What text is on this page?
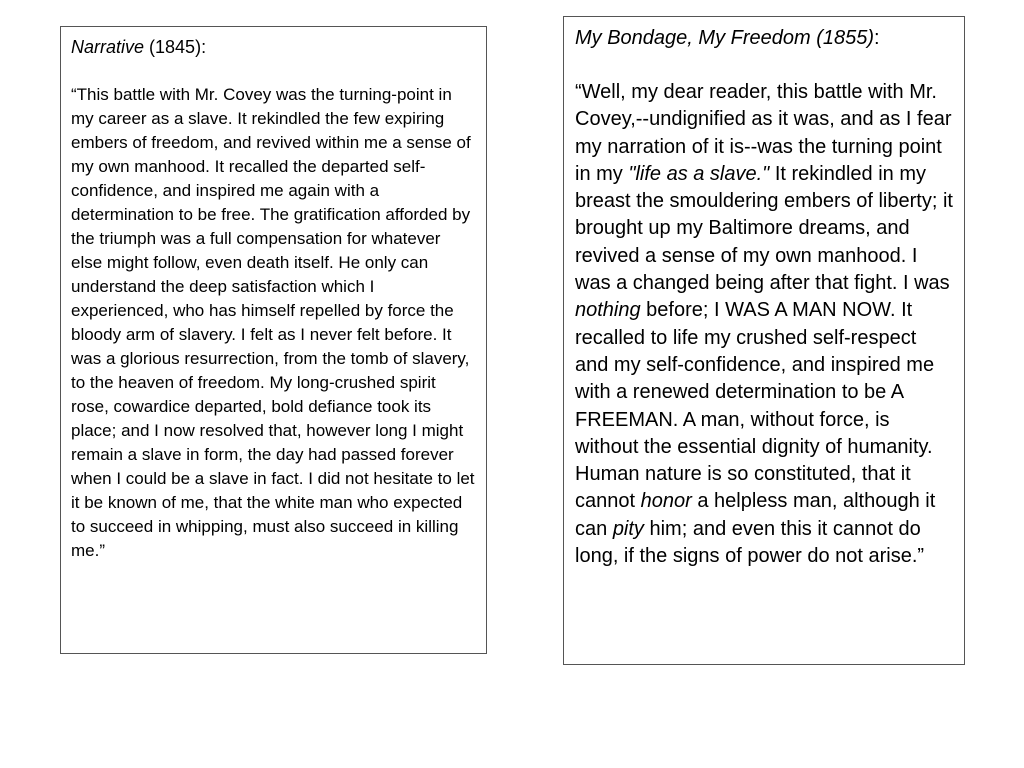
Narrative (1845):

“This battle with Mr. Covey was the turning-point in my career as a slave. It rekindled the few expiring embers of freedom, and revived within me a sense of my own manhood. It recalled the departed self-confidence, and inspired me again with a determination to be free. The gratification afforded by the triumph was a full compensation for whatever else might follow, even death itself. He only can understand the deep satisfaction which I experienced, who has himself repelled by force the bloody arm of slavery. I felt as I never felt before. It was a glorious resurrection, from the tomb of slavery, to the heaven of freedom. My long-crushed spirit rose, cowardice departed, bold defiance took its place; and I now resolved that, however long I might remain a slave in form, the day had passed forever when I could be a slave in fact. I did not hesitate to let it be known of me, that the white man who expected to succeed in whipping, must also succeed in killing me.”

My Bondage, My Freedom (1855):

“Well, my dear reader, this battle with Mr. Covey,--undignified as it was, and as I fear my narration of it is--was the turning point in my "life as a slave." It rekindled in my breast the smouldering embers of liberty; it brought up my Baltimore dreams, and revived a sense of my own manhood. I was a changed being after that fight. I was nothing before; I WAS A MAN NOW. It recalled to life my crushed self-respect and my self-confidence, and inspired me with a renewed determination to be A FREEMAN. A man, without force, is without the essential dignity of humanity. Human nature is so constituted, that it cannot honor a helpless man, although it can pity him; and even this it cannot do long, if the signs of power do not arise.”
